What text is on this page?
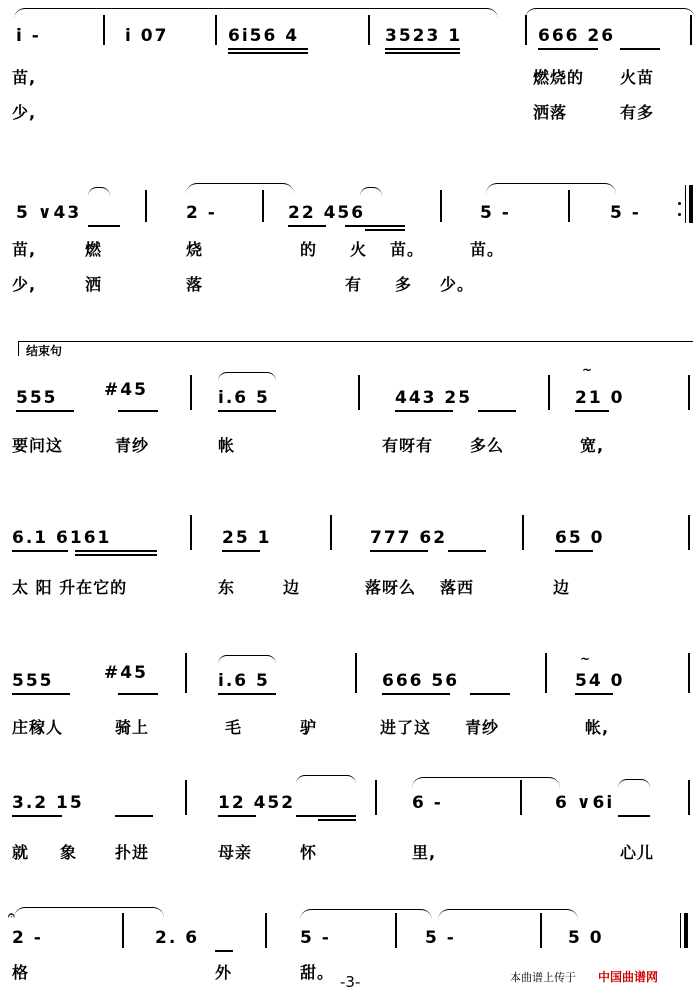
i -	i 07	6i56 4	3523 1	666 26
苗,	燃烧的 火苗
少,	洒落	有多
5 ∨43	2 -	22 456	5 -	5 -
苗,	燃	烧	的 火 苗。	苗。
少,	洒	落	有 多 少。
结束句
~
555	#45	i.6 5	443 25	21 0
要问这	青纱	帐	有呀有 多么	宽,
6.1 6161	25 1	777 62	65 0
太 阳 升在它的	东	边	落呀么 落西	边
~
555	#45	i.6 5	666 56	54 0
庄稼人	骑上	毛	驴	进了这 青纱	帐,
3.2 15	12 452	6 -	6 ∨6i
就 象 扑进	母亲	怀	里,	心儿
𝄐
2 -	2. 6	5 -	5 -	5 0
格	外	甜。 -3-	本曲谱上传于 中国曲谱网
